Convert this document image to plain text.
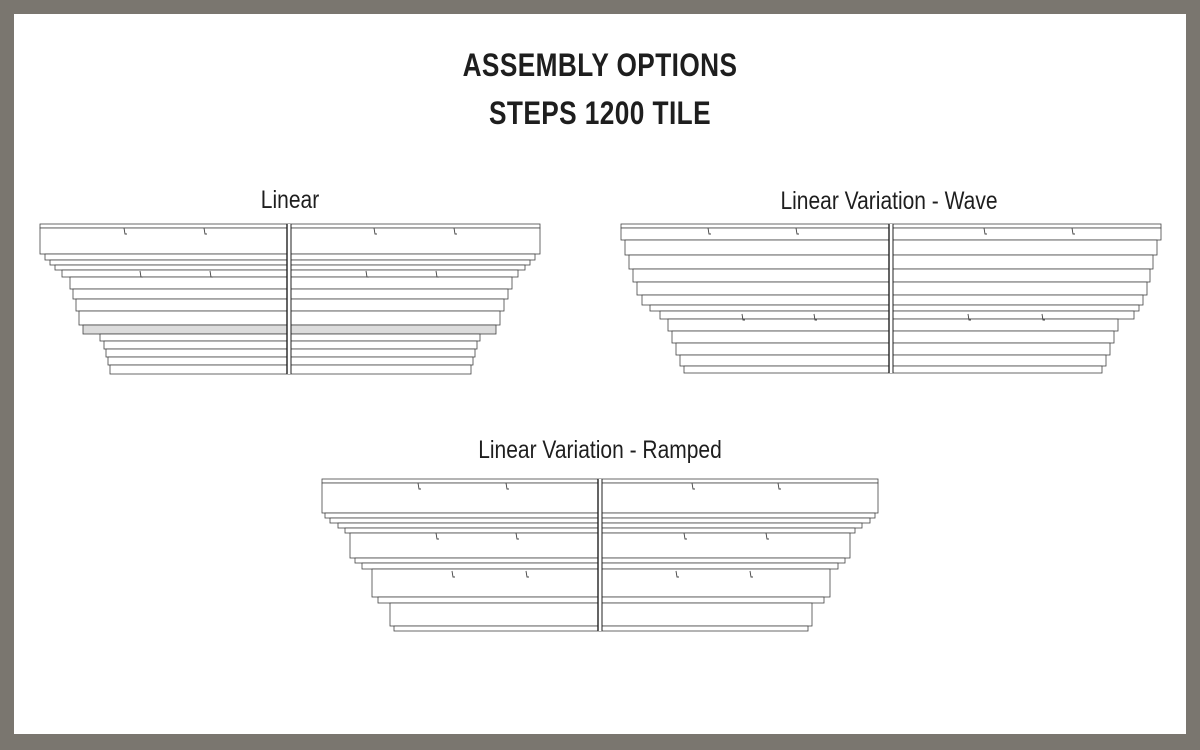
ASSEMBLY OPTIONS
STEPS 1200 TILE
Linear	Linear Variation - Wave
Linear Variation - Ramped
